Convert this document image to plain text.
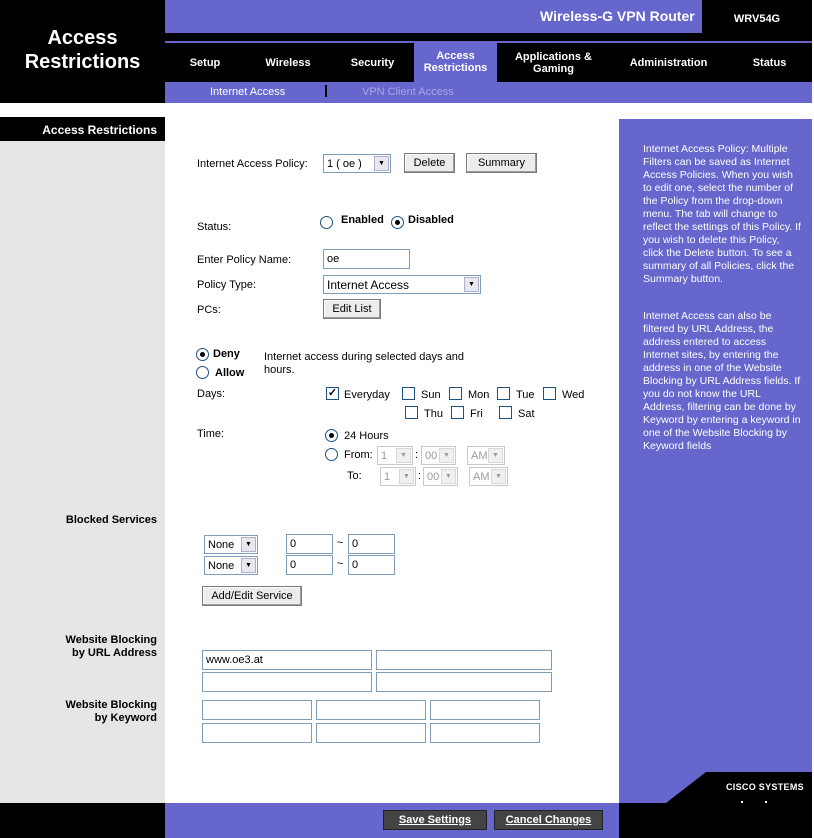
Access
Restrictions
Wireless-G VPN Router	WRV54G
Setup	Wireless	Security
Access Restrictions
Applications & Gaming	Administration	Status
Internet Access	VPN Client Access
Access Restrictions
Blocked Services
Website Blocking
by URL Address
Website Blocking
by Keyword
Internet Access Policy: 1 ( oe )	▼	Delete	Summary
Status:
Enabled Disabled
Enter Policy Name:	oe
Policy Type:	Internet Access	▼
PCs:	Edit List
Deny
Allow
Internet access during selected days and
hours.
Days:	✓ Everyday	Sun Mon Tue Wed
Thu Fri	Sat
Time:	24 Hours
From: 1	▼ : 00 ▼	AM ▼
To: 1	▼ : 00 ▼	AM ▼
None	▼	0	~ 0
None	▼	0	~ 0
Add/Edit Service
www.oe3.at
Internet Access Policy: Multiple Filters can be saved as Internet Access Policies. When you wish to edit one, select the number of the Policy from the drop-down menu. The tab will change to reflect the settings of this Policy. If you wish to delete this Policy, click the Delete button. To see a summary of all Policies, click the Summary button.
Internet Access can also be filtered by URL Address, the address entered to access Internet sites, by entering the address in one of the Website Blocking by URL Address fields. If you do not know the URL Address, filtering can be done by Keyword by entering a keyword in one of the Website Blocking by Keyword fields
CISCO SYSTEMS
Save Settings	Cancel Changes
